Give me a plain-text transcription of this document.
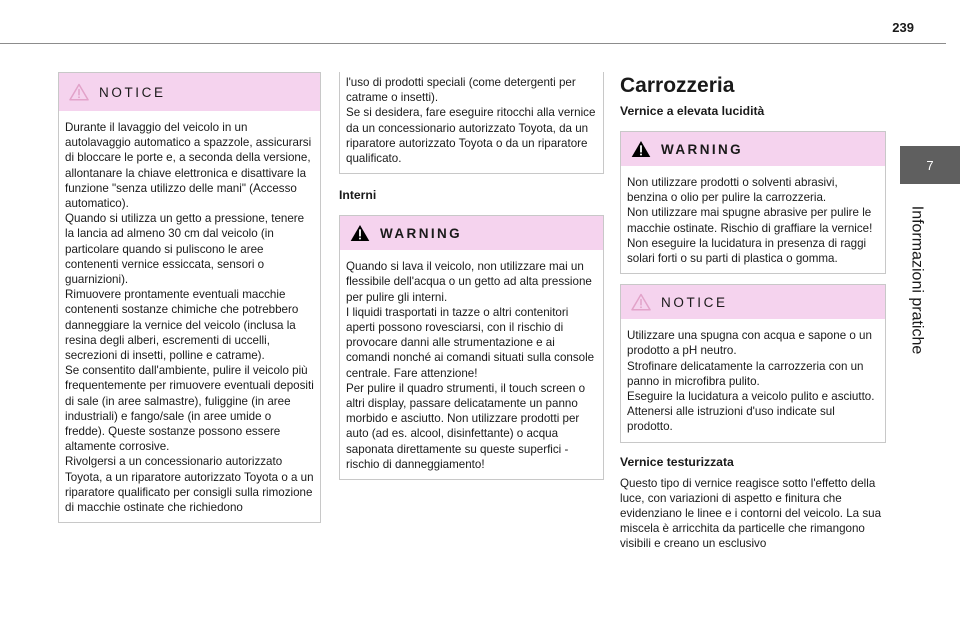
239
7
Informazioni pratiche
NOTICE

Durante il lavaggio del veicolo in un autolavaggio automatico a spazzole, assicurarsi di bloccare le porte e, a seconda della versione, allontanare la chiave elettronica e disattivare la funzione "senza utilizzo delle mani" (Accesso automatico).

Quando si utilizza un getto a pressione, tenere la lancia ad almeno 30 cm dal veicolo (in particolare quando si puliscono le aree contenenti vernice essiccata, sensori o guarnizioni).

Rimuovere prontamente eventuali macchie contenenti sostanze chimiche che potrebbero danneggiare la vernice del veicolo (inclusa la resina degli alberi, escrementi di uccelli, secrezioni di insetti, polline e catrame).

Se consentito dall'ambiente, pulire il veicolo più frequentemente per rimuovere eventuali depositi di sale (in aree salmastre), fuliggine (in aree industriali) e fango/sale (in aree umide o fredde). Queste sostanze possono essere altamente corrosive.

Rivolgersi a un concessionario autorizzato Toyota, a un riparatore autorizzato Toyota o a un riparatore qualificato per consigli sulla rimozione di macchie ostinate che richiedono

l'uso di prodotti speciali (come detergenti per catrame o insetti).

Se si desidera, fare eseguire ritocchi alla vernice da un concessionario autorizzato Toyota, da un riparatore autorizzato Toyota o da un riparatore qualificato.

Interni
WARNING

Quando si lava il veicolo, non utilizzare mai un flessibile dell'acqua o un getto ad alta pressione per pulire gli interni.

I liquidi trasportati in tazze o altri contenitori aperti possono rovesciarsi, con il rischio di provocare danni alle strumentazione e ai comandi nonché ai comandi situati sulla console centrale. Fare attenzione!

Per pulire il quadro strumenti, il touch screen o altri display, passare delicatamente un panno morbido e asciutto. Non utilizzare prodotti per auto (ad es. alcool, disinfettante) o acqua saponata direttamente su queste superfici - rischio di danneggiamento!

Carrozzeria
Vernice a elevata lucidità
WARNING

Non utilizzare prodotti o solventi abrasivi, benzina o olio per pulire la carrozzeria.

Non utilizzare mai spugne abrasive per pulire le macchie ostinate. Rischio di graffiare la vernice!

Non eseguire la lucidatura in presenza di raggi solari forti o su parti di plastica o gomma.

NOTICE

Utilizzare una spugna con acqua e sapone o un prodotto a pH neutro.

Strofinare delicatamente la carrozzeria con un panno in microfibra pulito.

Eseguire la lucidatura a veicolo pulito e asciutto.

Attenersi alle istruzioni d'uso indicate sul prodotto.

Vernice testurizzata

Questo tipo di vernice reagisce sotto l'effetto della luce, con variazioni di aspetto e finitura che evidenziano le linee e i contorni del veicolo. La sua miscela è arricchita da particelle che rimangono visibili e creano un esclusivo
